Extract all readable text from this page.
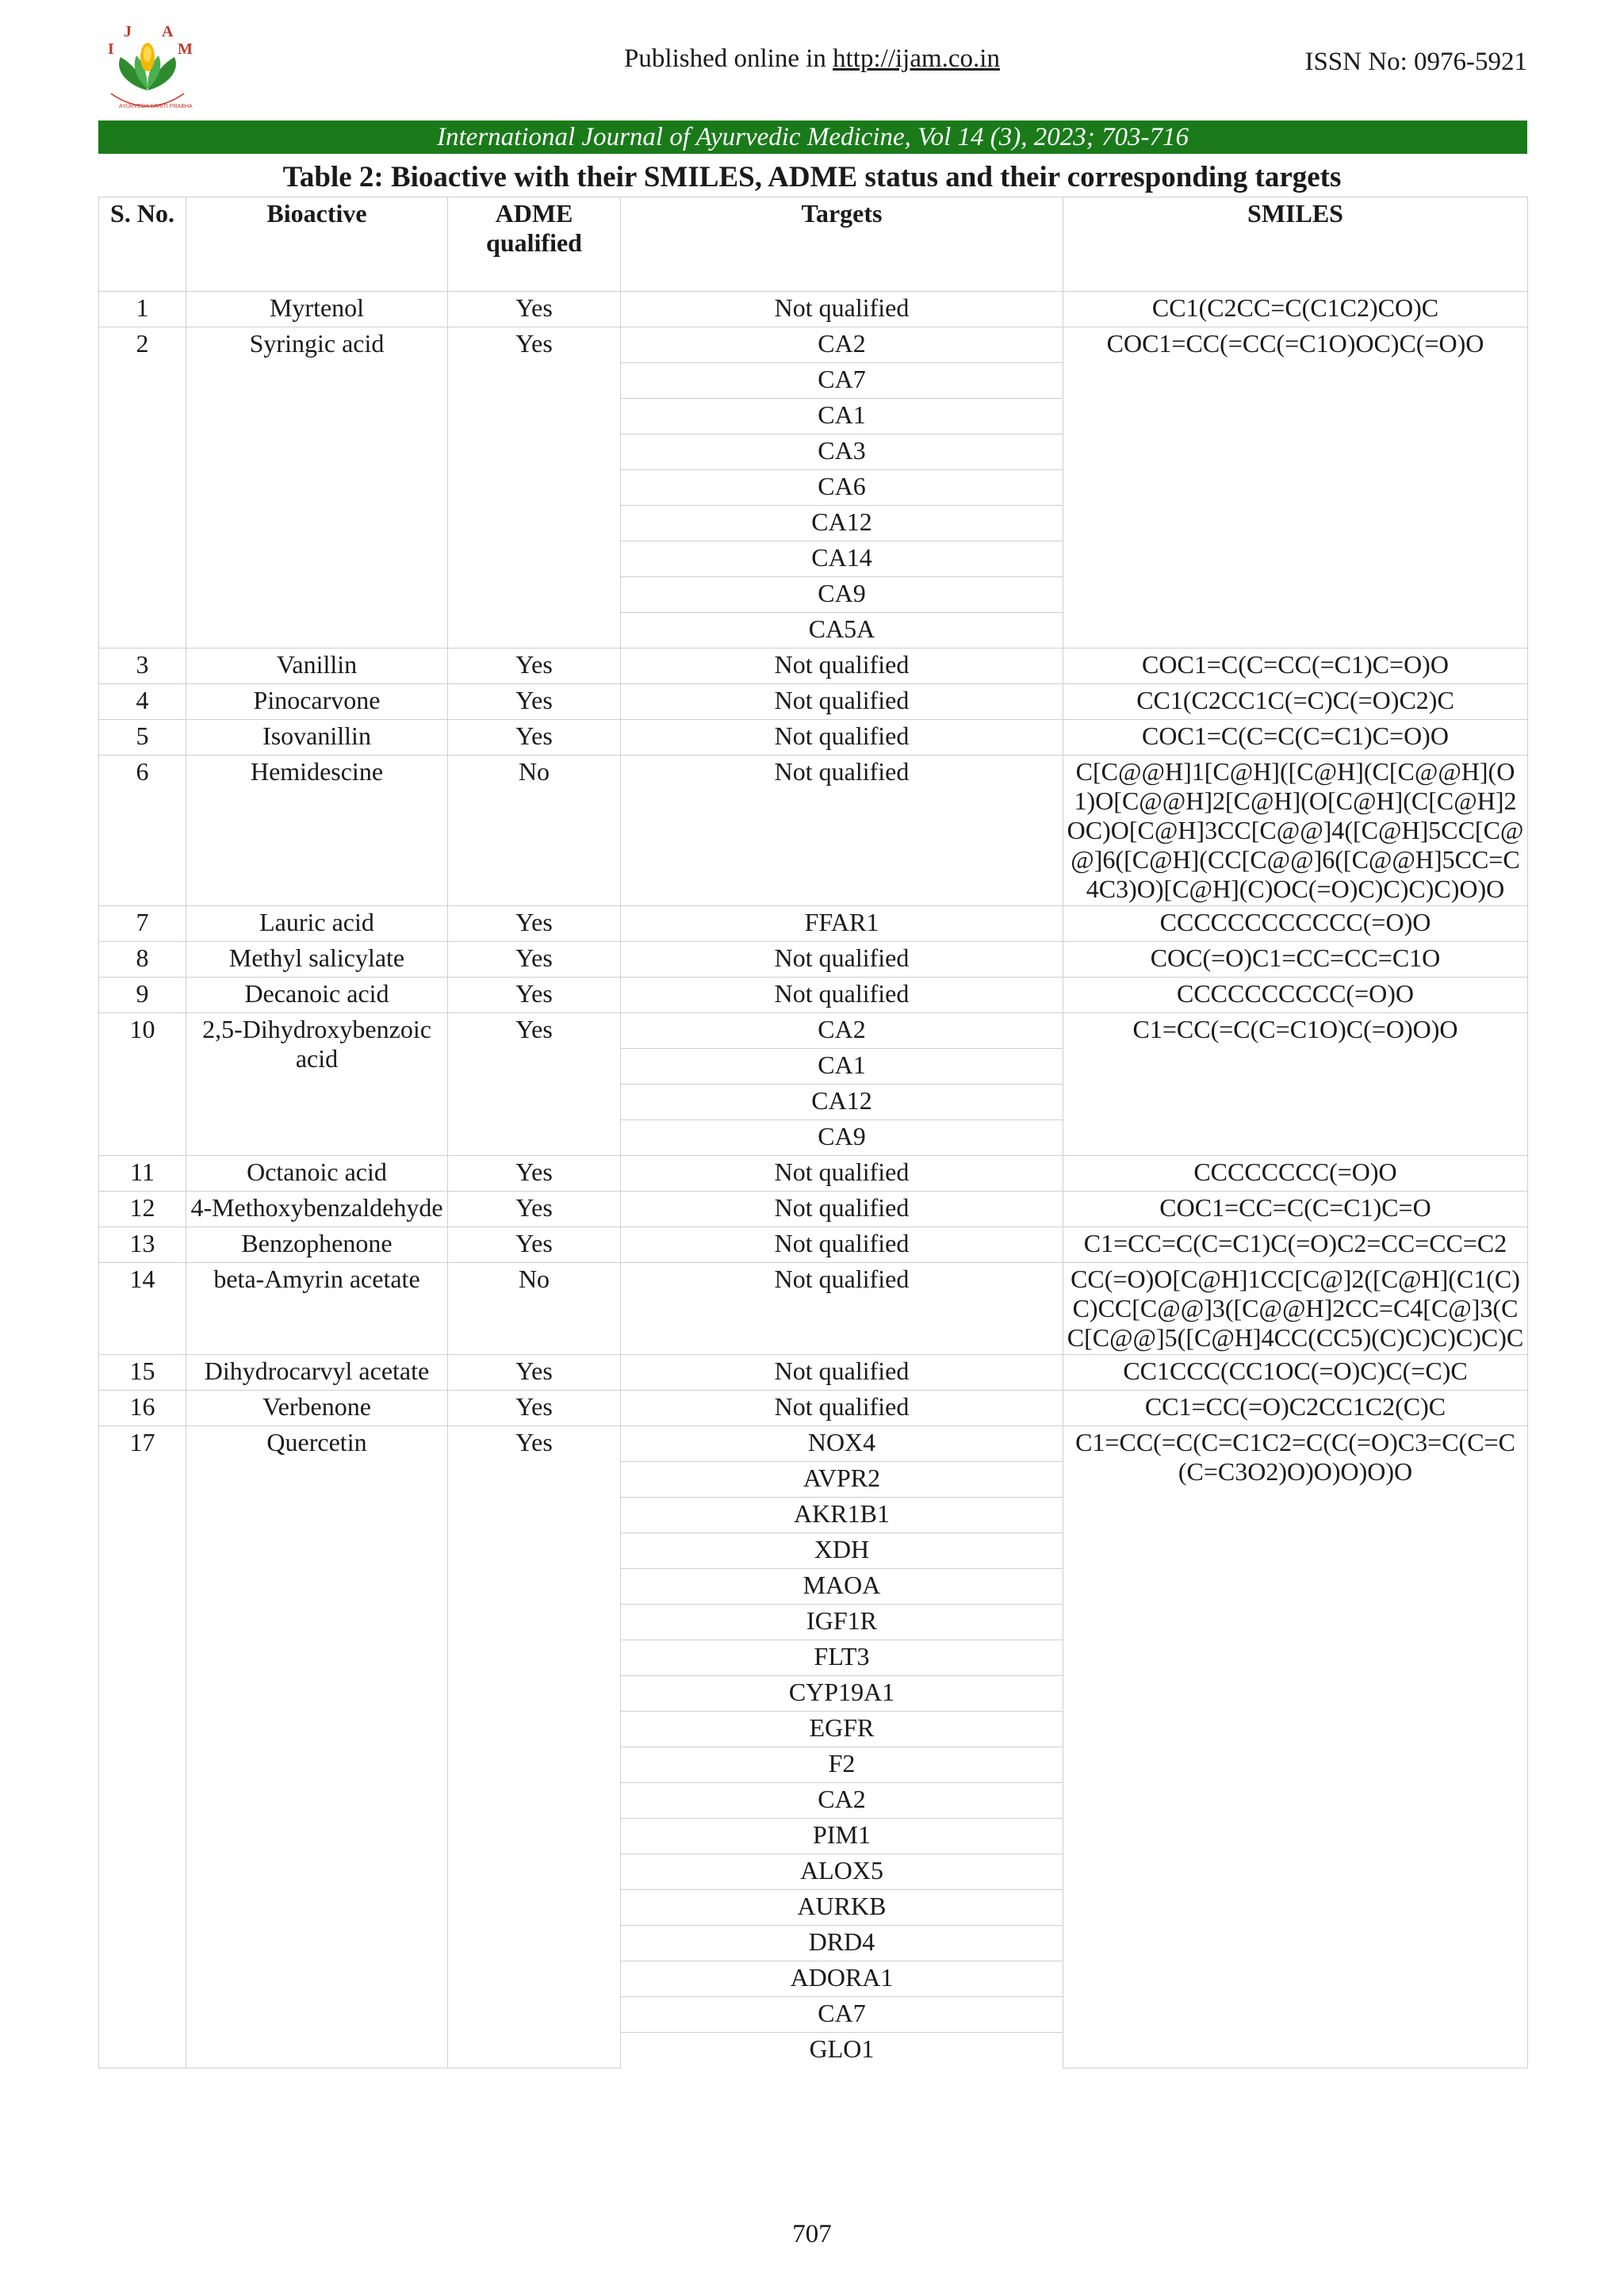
I
J A
M
AYURVEDA SAHITI PRABHA
Published online in http://ijam.co.in	ISSN No: 0976-5921
International Journal of Ayurvedic Medicine, Vol 14 (3), 2023; 703-716
Table 2: Bioactive with their SMILES, ADME status and their corresponding targets
S. No.	Bioactive	ADME qualified	Targets	SMILES
1	Myrtenol	Yes	Not qualified	CC1(C2CC=C(C1C2)CO)C
2	Syringic acid	Yes	CA2	COC1=CC(=CC(=C1O)OC)C(=O)O
			CA7	
			CA1	
			CA3	
			CA6	
			CA12	
			CA14	
			CA9	
			CA5A	
3	Vanillin	Yes	Not qualified	COC1=C(C=CC(=C1)C=O)O
4	Pinocarvone	Yes	Not qualified	CC1(C2CC1C(=C)C(=O)C2)C
5	Isovanillin	Yes	Not qualified	COC1=C(C=C(C=C1)C=O)O
6	Hemidescine	No	Not qualified	C[C@@H]1[C@H]([C@H](C[C@@H](O1)O[C@@H]2[C@H](O[C@H](C[C@H]2OC)O[C@H]3CC[C@@]4([C@H]5CC[C@@]6([C@H](CC[C@@]6([C@@H]5CC=C4C3)O)[C@H](C)OC(=O)C)C)C)C)O)O
7	Lauric acid	Yes	FFAR1	CCCCCCCCCCCC(=O)O
8	Methyl salicylate	Yes	Not qualified	COC(=O)C1=CC=CC=C1O
9	Decanoic acid	Yes	Not qualified	CCCCCCCCCC(=O)O
10	2,5-Dihydroxybenzoic acid	Yes	CA2	C1=CC(=C(C=C1O)C(=O)O)O
			CA1	
			CA12	
			CA9	
11	Octanoic acid	Yes	Not qualified	CCCCCCCC(=O)O
12	4-Methoxybenzaldehyde	Yes	Not qualified	COC1=CC=C(C=C1)C=O
13	Benzophenone	Yes	Not qualified	C1=CC=C(C=C1)C(=O)C2=CC=CC=C2
14	beta-Amyrin acetate	No	Not qualified	CC(=O)O[C@H]1CC[C@]2([C@H](C1(C)C)CC[C@@]3([C@@H]2CC=C4[C@]3(CC[C@@]5([C@H]4CC(CC5)(C)C)C)C)C)C
15	Dihydrocarvyl acetate	Yes	Not qualified	CC1CCC(CC1OC(=O)C)C(=C)C
16	Verbenone	Yes	Not qualified	CC1=CC(=O)C2CC1C2(C)C
17	Quercetin	Yes	NOX4	C1=CC(=C(C=C1C2=C(C(=O)C3=C(C=C(C=C3O2)O)O)O)O)O
			AVPR2	
			AKR1B1	
			XDH	
			MAOA	
			IGF1R	
			FLT3	
			CYP19A1	
			EGFR	
			F2	
			CA2	
			PIM1	
			ALOX5	
			AURKB	
			DRD4	
			ADORA1	
			CA7	
			GLO1	
707
